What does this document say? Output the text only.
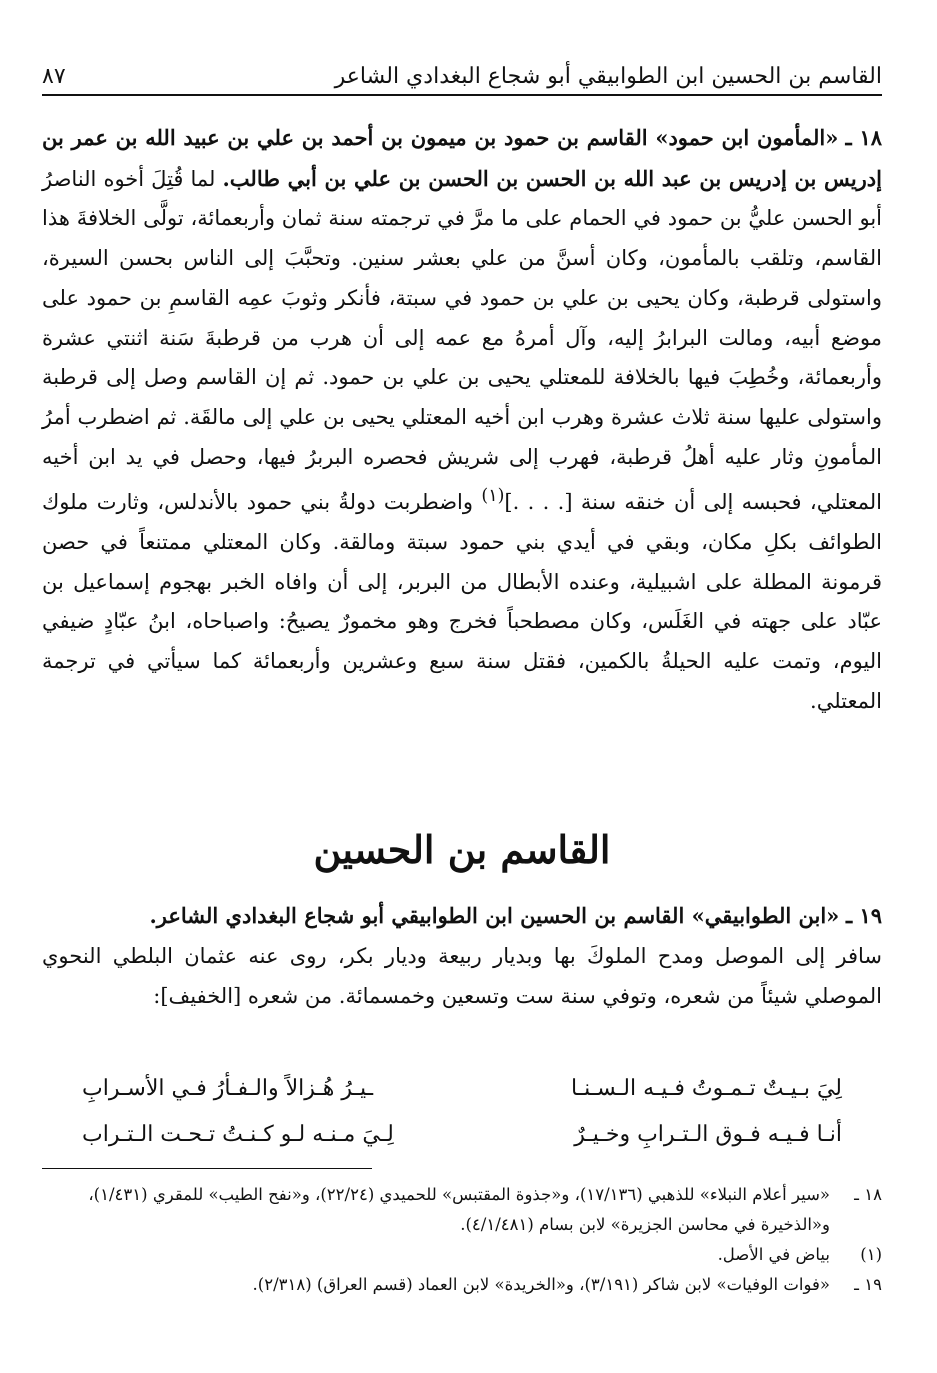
القاسم بن الحسين ابن الطوابيقي أبو شجاع البغدادي الشاعر
٨٧
١٨ ـ «المأمون ابن حمود» القاسم بن حمود بن ميمون بن أحمد بن علي بن عبيد الله بن عمر بن إدريس بن إدريس بن عبد الله بن الحسن بن الحسن بن علي بن أبي طالب. لما قُتِلَ أخوه الناصرُ أبو الحسن عليُّ بن حمود في الحمام على ما مرَّ في ترجمته سنة ثمان وأربعمائة، تولَّى الخلافةَ هذا القاسم، وتلقب بالمأمون، وكان أسنَّ من علي بعشر سنين. وتحبَّبَ إلى الناس بحسن السيرة، واستولى قرطبة، وكان يحيى بن علي بن حمود في سبتة، فأنكر وثوبَ عمِه القاسمِ بن حمود على موضع أبيه، ومالت البرابرُ إليه، وآل أمرهُ مع عمه إلى أن هرب من قرطبةَ سَنة اثنتي عشرة وأربعمائة، وخُطِبَ فيها بالخلافة للمعتلي يحيى بن علي بن حمود. ثم إن القاسم وصل إلى قرطبة واستولى عليها سنة ثلاث عشرة وهرب ابن أخيه المعتلي يحيى بن علي إلى مالقَة. ثم اضطرب أمرُ المأمونِ وثار عليه أهلُ قرطبة، فهرب إلى شريش فحصره البربرُ فيها، وحصل في يد ابن أخيه المعتلي، فحبسه إلى أن خنقه سنة [. . . .]$^{(١)}$ واضطربت دولةُ بني حمود بالأندلس، وثارت ملوك الطوائف بكلِ مكان، وبقي في أيدي بني حمود سبتة ومالقة. وكان المعتلي ممتنعاً في حصن قرمونة المطلة على اشبيلية، وعنده الأبطال من البربر، إلى أن وافاه الخبر بهجوم إسماعيل بن عبّاد على جهته في الغَلَس، وكان مصطحباً فخرج وهو مخمورٌ يصيحُ: واصباحاه، ابنُ عبّادٍ ضيفي اليوم، وتمت عليه الحيلةُ بالكمين، فقتل سنة سبع وعشرين وأربعمائة كما سيأتي في ترجمة المعتلي.
القاسم بن الحسين
١٩ ـ «ابن الطوابيقي» القاسم بن الحسين ابن الطوابيقي أبو شجاع البغدادي الشاعر.
سافر إلى الموصل ومدح الملوكَ بها وبديار ربيعة وديار بكر، روى عنه عثمان البلطي النحوي الموصلي شيئاً من شعره، وتوفي سنة ست وتسعين وخمسمائة. من شعره [الخفيف]:
لِيَ بـيـتٌ تـمـوتُ فـيـه الـسـنـا
ـيـرُ هُـزالاً والـفـأرُ فـي الأسـرابِ
أنـا فـيـه فـوق الـتـرابِ وخـيـرٌ
لِـيَ مـنـه لـو كـنـتُ تـحـت الـتـراب
١٨ ـ
«سير أعلام النبلاء» للذهبي (١٧/١٣٦)، و«جذوة المقتبس» للحميدي (٢٢/٢٤)، و«نفح الطيب» للمقري (١/٤٣١)، و«الذخيرة في محاسن الجزيرة» لابن بسام (٤/١/٤٨١).
(١)
بياض في الأصل.
١٩ ـ
«فوات الوفيات» لابن شاكر (٣/١٩١)، و«الخريدة» لابن العماد (قسم العراق) (٢/٣١٨).
